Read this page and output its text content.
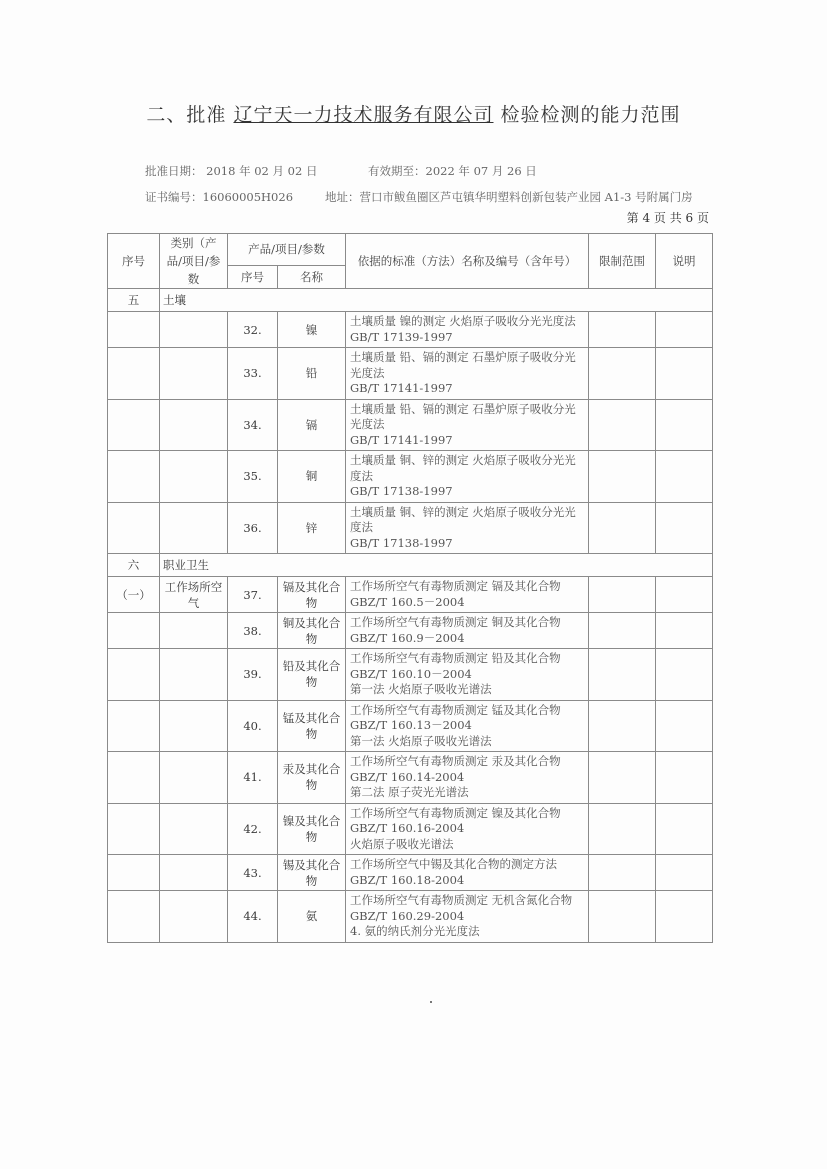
二、批准 辽宁天一力技术服务有限公司 检验检测的能力范围
批准日期： 2018 年 02 月 02 日	有效期至：2022 年 07 月 26 日
证书编号：16060005H026	地址：营口市鲅鱼圈区芦屯镇华明塑料创新包装产业园 A1-3 号附属门房
第 4 页 共 6 页
序号	类别（产品/项目/参数	产品/项目/参数		依据的标准（方法）名称及编号（含年号）	限制范围	说明
		序号	名称			
五	土壤					
		32.	镍	土壤质量 镍的测定 火焰原子吸收分光光度法
GB/T 17139-1997		

		33.	铅	土壤质量 铅、镉的测定 石墨炉原子吸收分光光度法
GB/T 17141-1997		

		34.	镉	土壤质量 铅、镉的测定 石墨炉原子吸收分光光度法
GB/T 17141-1997		

		35.	铜	土壤质量 铜、锌的测定 火焰原子吸收分光光度法
GB/T 17138-1997		

		36.	锌	土壤质量 铜、锌的测定 火焰原子吸收分光光度法
GB/T 17138-1997		

六	职业卫生					
（一）	工作场所空气	37.	镉及其化合物	工作场所空气有毒物质测定 镉及其化合物
GBZ/T 160.5－2004		

		38.	铜及其化合物	工作场所空气有毒物质测定 铜及其化合物
GBZ/T 160.9－2004		

		39.	铅及其化合物	工作场所空气有毒物质测定 铅及其化合物
GBZ/T 160.10－2004
第一法 火焰原子吸收光谱法		

		40.	锰及其化合物	工作场所空气有毒物质测定 锰及其化合物
GBZ/T 160.13－2004
第一法 火焰原子吸收光谱法		

		41.	汞及其化合物	工作场所空气有毒物质测定 汞及其化合物
GBZ/T 160.14-2004
第二法 原子荧光光谱法		

		42.	镍及其化合物	工作场所空气有毒物质测定 镍及其化合物
GBZ/T 160.16-2004
火焰原子吸收光谱法		

		43.	锡及其化合物	工作场所空气中锡及其化合物的测定方法
GBZ/T 160.18-2004		

		44.	氨	工作场所空气有毒物质测定 无机含氮化合物
GBZ/T 160.29-2004
4. 氨的纳氏剂分光光度法		
